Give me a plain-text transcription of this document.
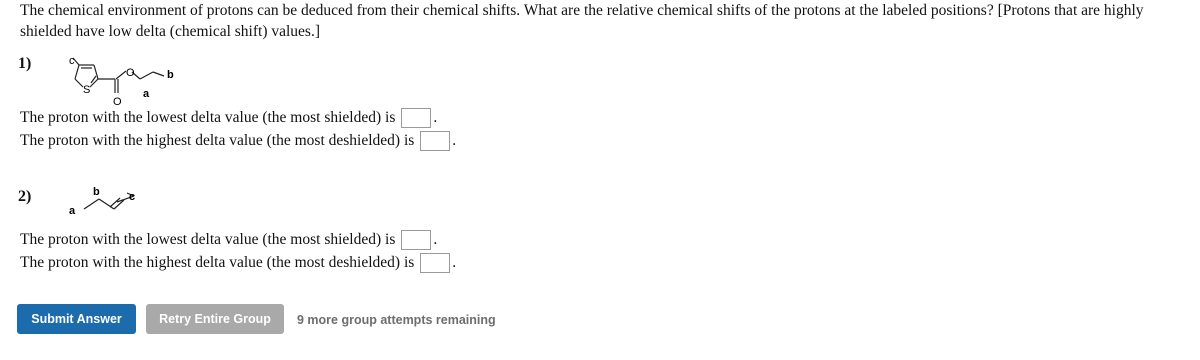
The chemical environment of protons can be deduced from their chemical shifts. What are the relative chemical shifts of the protons at the labeled positions? [Protons that are highly shielded have low delta (chemical shift) values.]
1)	c
S
O
O
a
b
The proton with the lowest delta value (the most shielded) is .
The proton with the highest delta value (the most deshielded) is .
2)
a
b	c
The proton with the lowest delta value (the most shielded) is .
The proton with the highest delta value (the most deshielded) is .
Submit Answer	Retry Entire Group	9 more group attempts remaining
